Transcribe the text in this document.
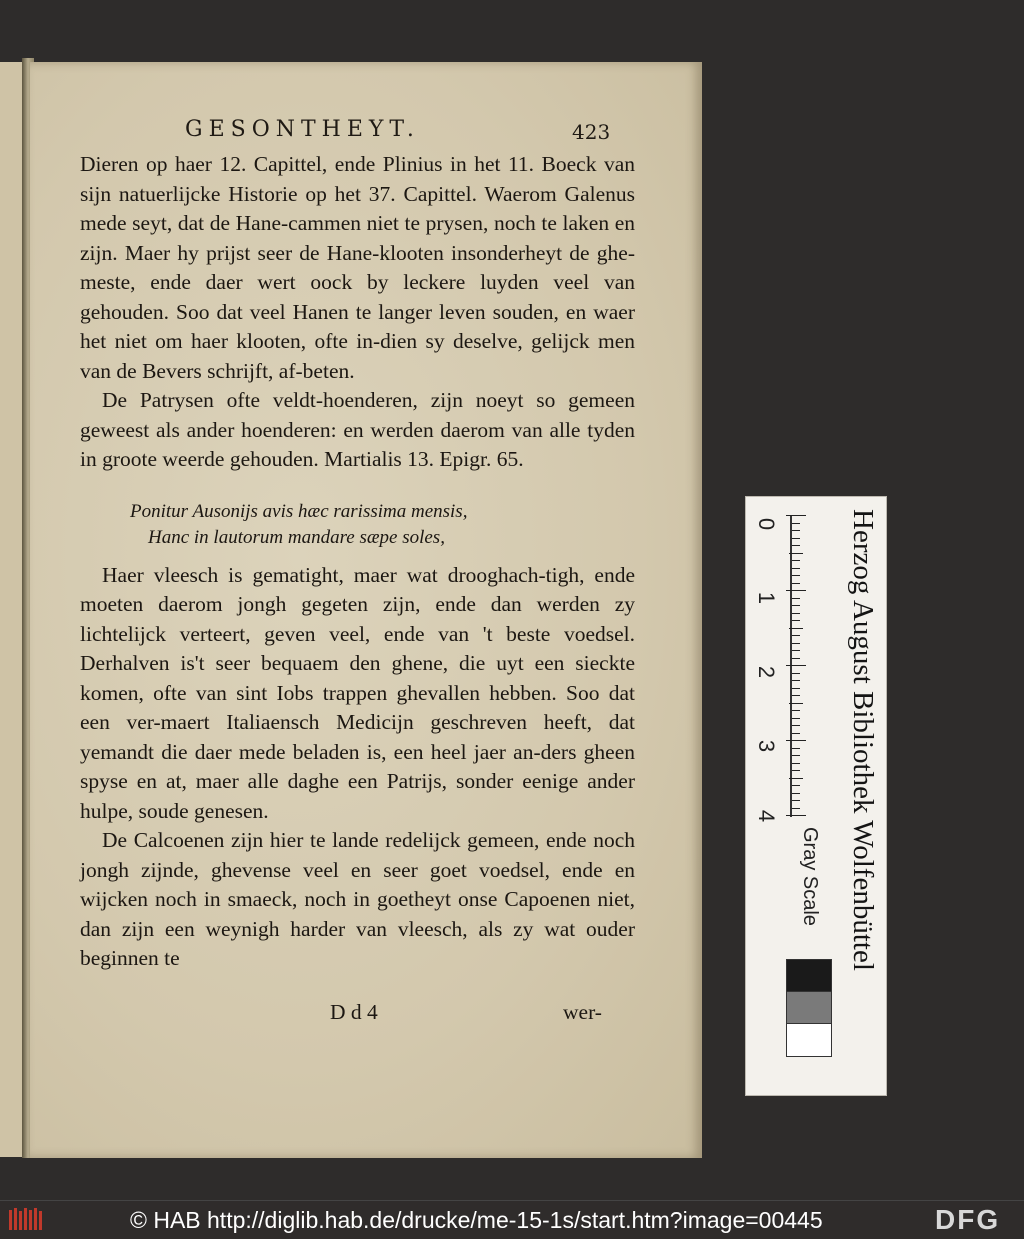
GESONTHEYT.	423

Dieren op haer 12. Capittel, ende Plinius in het 11. Boeck van sijn natuerlijcke Historie op het 37. Capittel. Waerom Galenus mede seyt, dat de Hane-cammen niet te prysen, noch te laken en zijn. Maer hy prijst seer de Hane-klooten insonderheyt de ghe-meste, ende daer wert oock by leckere luyden veel van gehouden. Soo dat veel Hanen te langer leven souden, en waer het niet om haer klooten, ofte in-dien sy deselve, gelijck men van de Bevers schrijft, af-beten.

De Patrysen ofte veldt-hoenderen, zijn noeyt so gemeen geweest als ander hoenderen: en werden daerom van alle tyden in groote weerde gehouden. Martialis 13. Epigr. 65.

Ponitur Ausonijs avis hæc rarissima mensis,
Hanc in lautorum mandare sæpe soles,

Haer vleesch is gematight, maer wat drooghach-tigh, ende moeten daerom jongh gegeten zijn, ende dan werden zy lichtelijck verteert, geven veel, ende van 't beste voedsel. Derhalven is't seer bequaem den ghene, die uyt een sieckte komen, ofte van sint Iobs trappen ghevallen hebben. Soo dat een ver-maert Italiaensch Medicijn geschreven heeft, dat yemandt die daer mede beladen is, een heel jaer an-ders gheen spyse en at, maer alle daghe een Patrijs, sonder eenige ander hulpe, soude genesen.

De Calcoenen zijn hier te lande redelijck gemeen, ende noch jongh zijnde, ghevense veel en seer goet voedsel, ende en wijcken noch in smaeck, noch in goetheyt onse Capoenen niet, dan zijn een weynigh harder van vleesch, als zy wat ouder beginnen te

D d 4	wer-
0
1
2
3
4 Herzog August Bibliothek Wolfenbüttel
Gray Scale
© HAB http://diglib.hab.de/drucke/me-15-1s/start.htm?image=00445	DFG
